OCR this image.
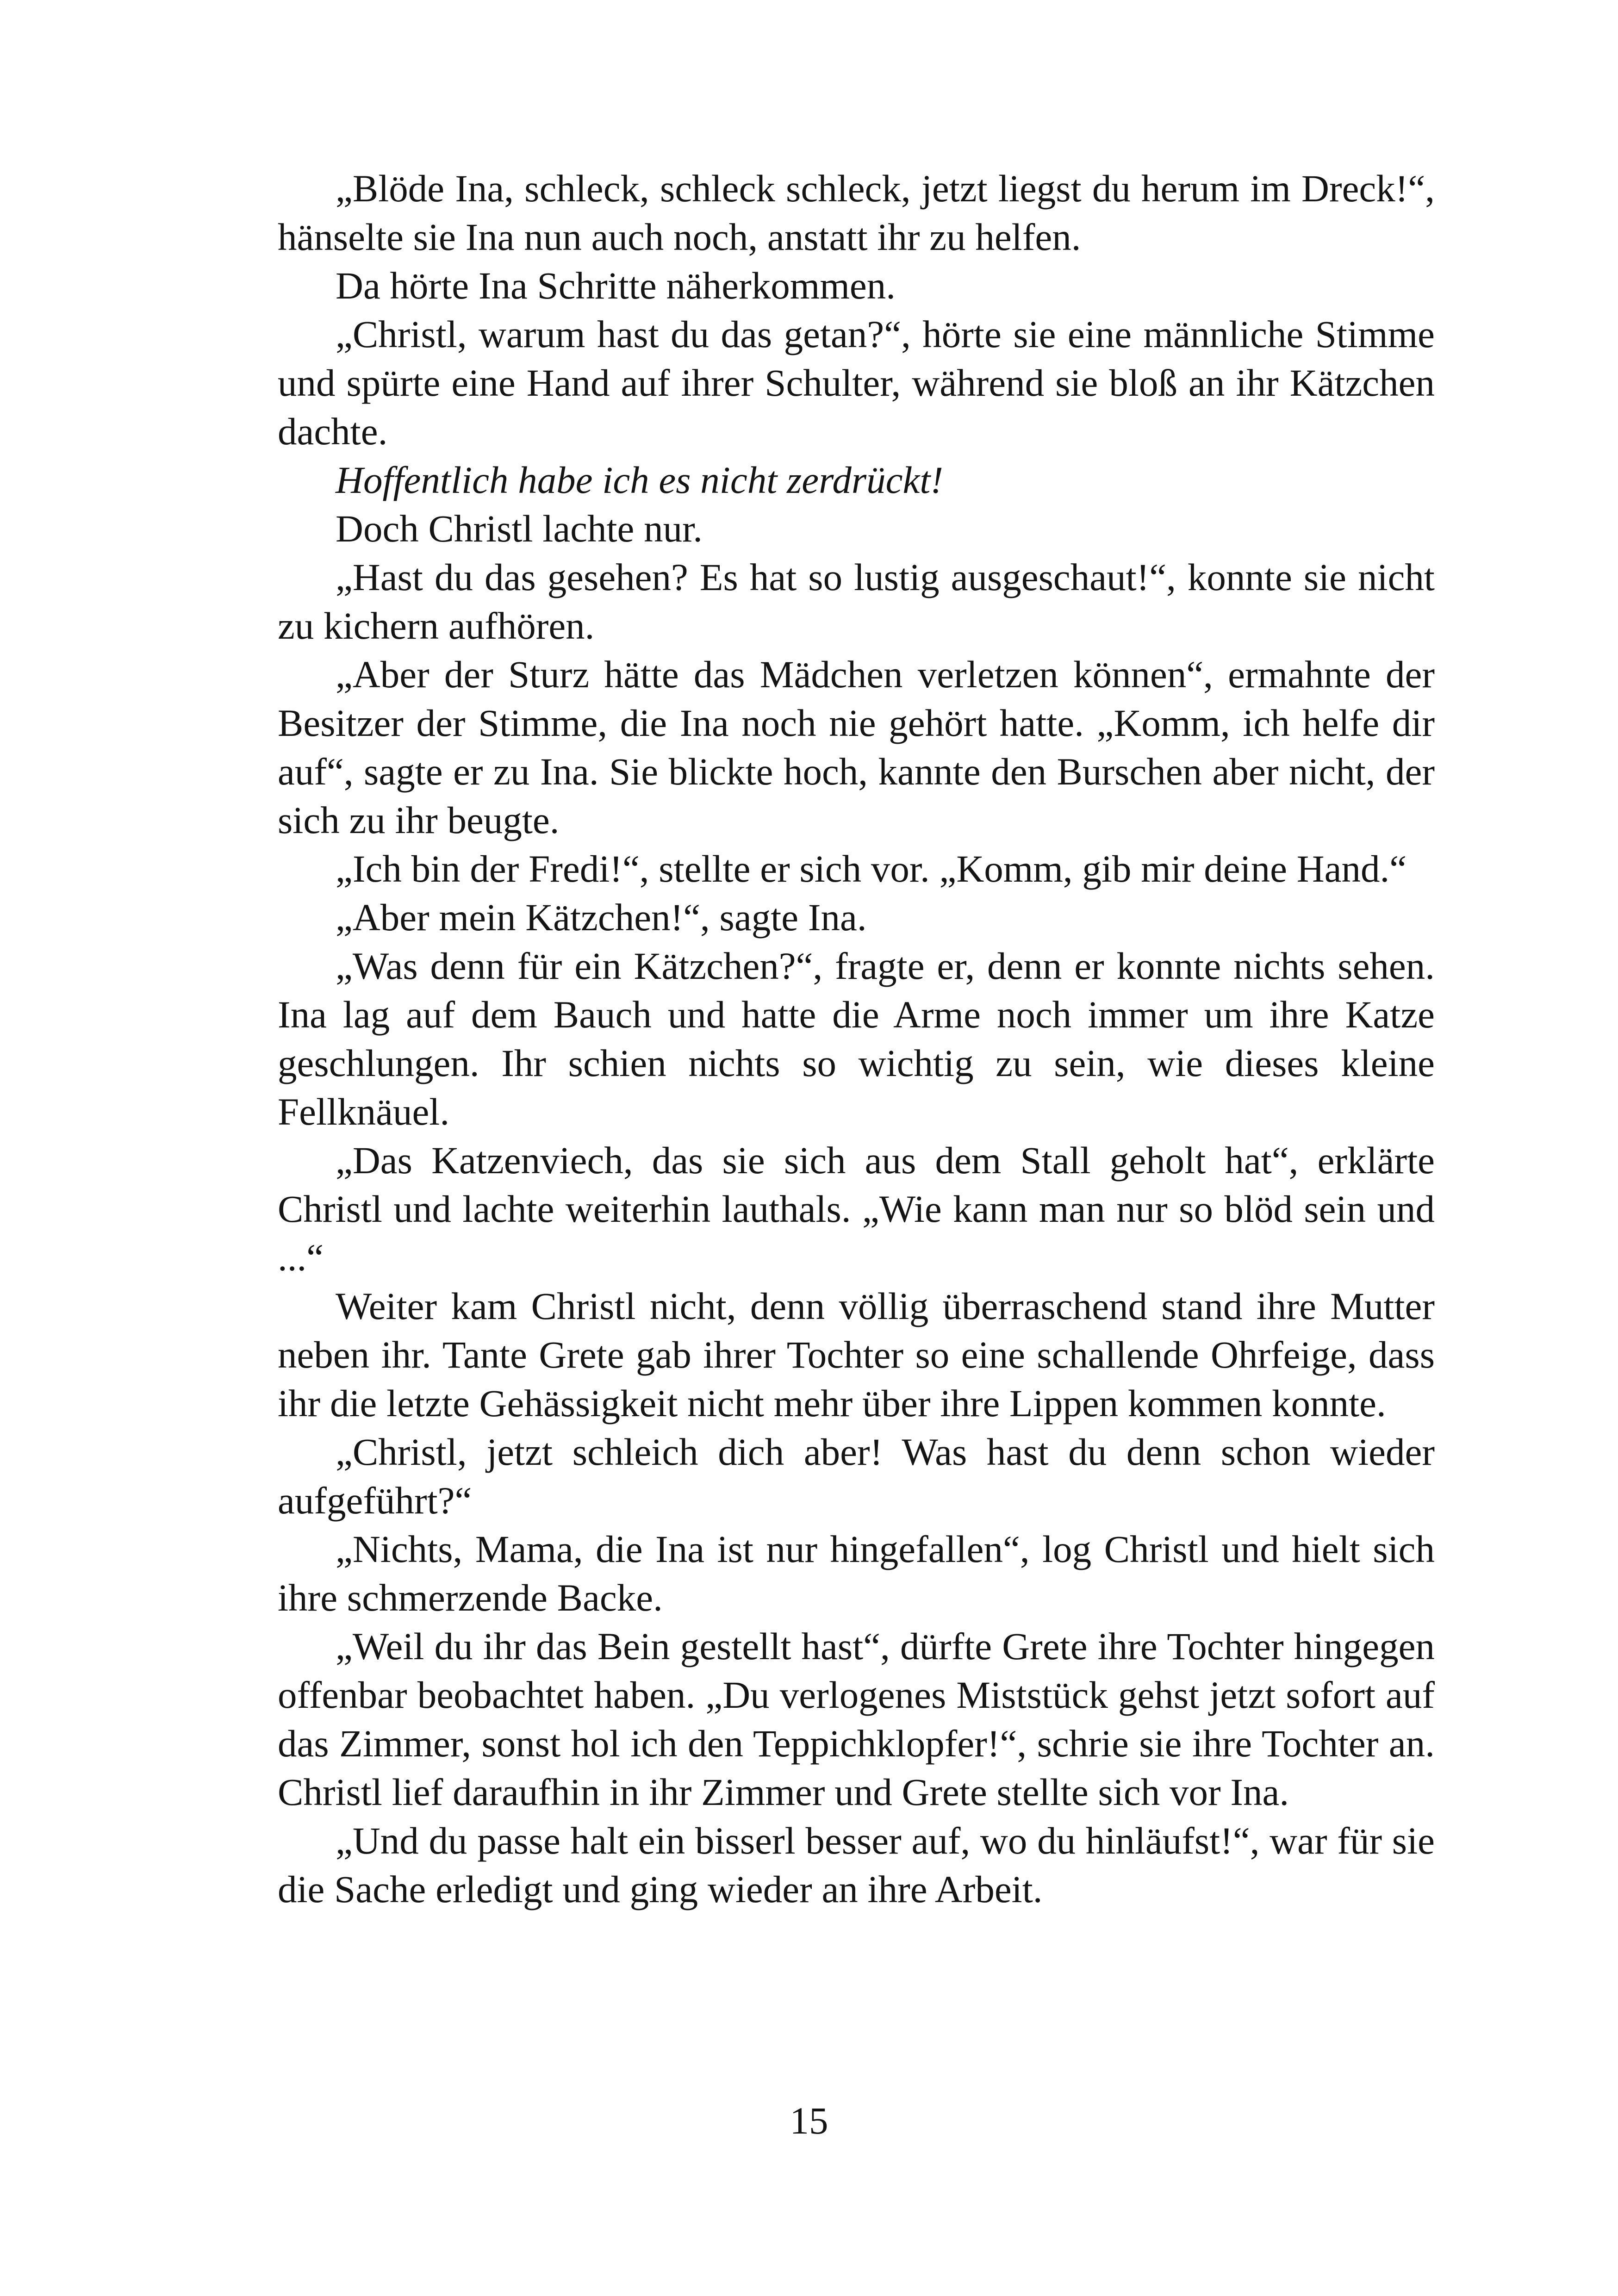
„Blöde Ina, schleck, schleck schleck, jetzt liegst du herum im Dreck!“, hänselte sie Ina nun auch noch, anstatt ihr zu helfen.

Da hörte Ina Schritte näherkommen.

„Christl, warum hast du das getan?“, hörte sie eine männliche Stimme und spürte eine Hand auf ihrer Schulter, während sie bloß an ihr Kätzchen dachte.

Hoffentlich habe ich es nicht zerdrückt!

Doch Christl lachte nur.

„Hast du das gesehen? Es hat so lustig ausgeschaut!“, konnte sie nicht zu kichern aufhören.

„Aber der Sturz hätte das Mädchen verletzen können“, ermahnte der Besitzer der Stimme, die Ina noch nie gehört hatte. „Komm, ich helfe dir auf“, sagte er zu Ina. Sie blickte hoch, kannte den Burschen aber nicht, der sich zu ihr beugte.

„Ich bin der Fredi!“, stellte er sich vor. „Komm, gib mir deine Hand.“

„Aber mein Kätzchen!“, sagte Ina.

„Was denn für ein Kätzchen?“, fragte er, denn er konnte nichts sehen. Ina lag auf dem Bauch und hatte die Arme noch immer um ihre Katze geschlungen. Ihr schien nichts so wichtig zu sein, wie dieses kleine Fellknäuel.

„Das Katzenviech, das sie sich aus dem Stall geholt hat“, erklärte Christl und lachte weiterhin lauthals. „Wie kann man nur so blöd sein und ...“

Weiter kam Christl nicht, denn völlig überraschend stand ihre Mutter neben ihr. Tante Grete gab ihrer Tochter so eine schallende Ohrfeige, dass ihr die letzte Gehässigkeit nicht mehr über ihre Lippen kommen konnte.

„Christl, jetzt schleich dich aber! Was hast du denn schon wieder aufgeführt?“

„Nichts, Mama, die Ina ist nur hingefallen“, log Christl und hielt sich ihre schmerzende Backe.

„Weil du ihr das Bein gestellt hast“, dürfte Grete ihre Tochter hingegen offenbar beobachtet haben. „Du verlogenes Miststück gehst jetzt sofort auf das Zimmer, sonst hol ich den Teppichklopfer!“, schrie sie ihre Tochter an. Christl lief daraufhin in ihr Zimmer und Grete stellte sich vor Ina.

„Und du passe halt ein bisserl besser auf, wo du hinläufst!“, war für sie die Sache erledigt und ging wieder an ihre Arbeit.

15
